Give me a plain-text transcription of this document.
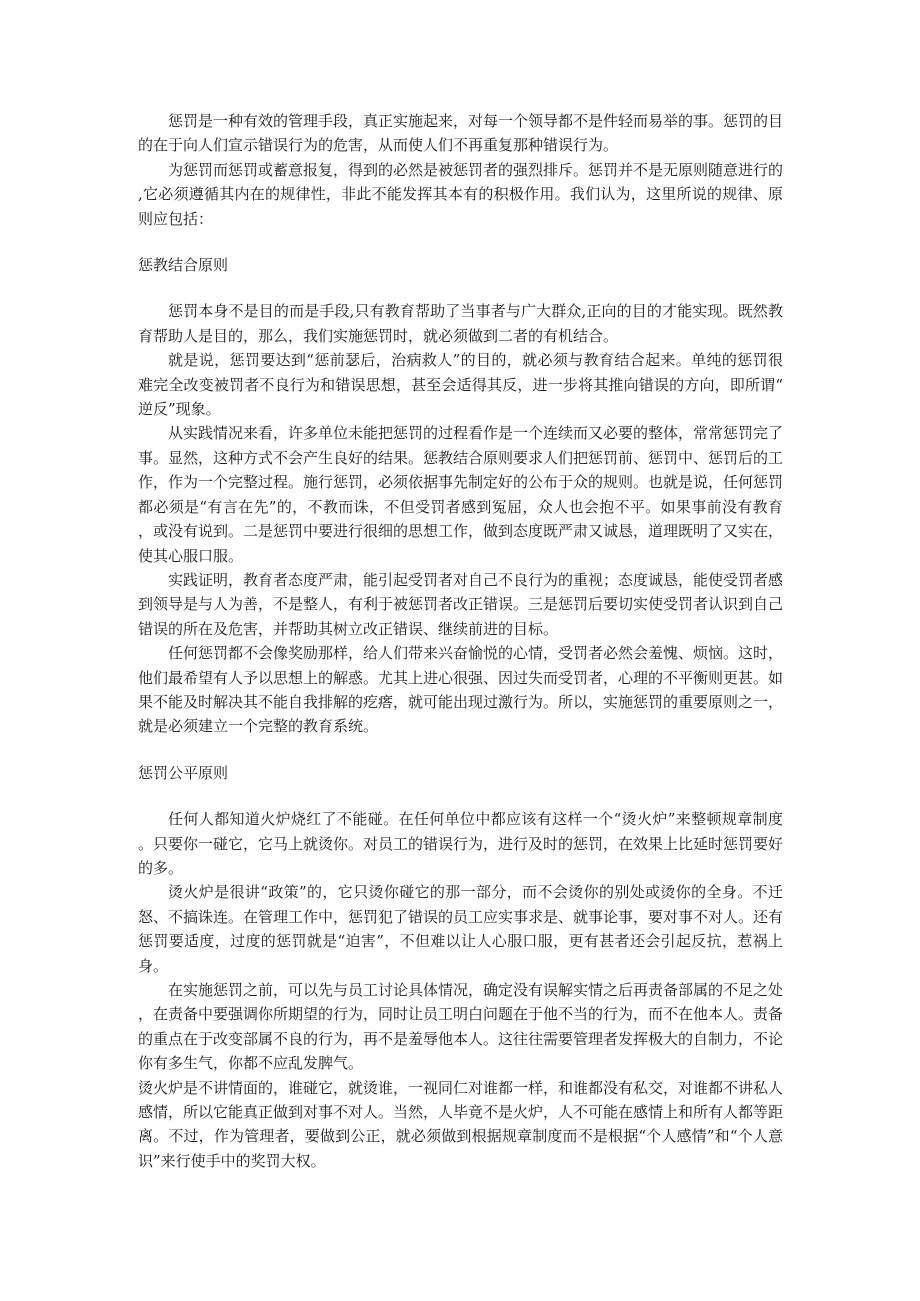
惩罚是一种有效的管理手段，真正实施起来，对每一个领导都不是件轻而易举的事。惩罚的目的在于向人们宣示错误行为的危害，从而使人们不再重复那种错误行为。

为惩罚而惩罚或蓄意报复，得到的必然是被惩罚者的强烈排斥。惩罚并不是无原则随意进行的,它必须遵循其内在的规律性，非此不能发挥其本有的积极作用。我们认为，这里所说的规律、原则应包括：

惩教结合原则

惩罚本身不是目的而是手段,只有教育帮助了当事者与广大群众,正向的目的才能实现。既然教育帮助人是目的，那么，我们实施惩罚时，就必须做到二者的有机结合。

就是说，惩罚要达到“惩前瑟后，治病救人”的目的，就必须与教育结合起来。单纯的惩罚很难完全改变被罚者不良行为和错误思想，甚至会适得其反，进一步将其推向错误的方向，即所谓“逆反”现象。

从实践情况来看，许多单位未能把惩罚的过程看作是一个连续而又必要的整体，常常惩罚完了事。显然，这种方式不会产生良好的结果。惩教结合原则要求人们把惩罚前、惩罚中、惩罚后的工作，作为一个完整过程。施行惩罚，必须依据事先制定好的公布于众的规则。也就是说，任何惩罚都必须是“有言在先”的，不教而诛，不但受罚者感到冤屈，众人也会抱不平。如果事前没有教育，或没有说到。二是惩罚中要进行很细的思想工作，做到态度既严肃又诚恳，道理既明了又实在，使其心服口服。

实践证明，教育者态度严肃，能引起受罚者对自己不良行为的重视；态度诚恳，能使受罚者感到领导是与人为善，不是整人，有利于被惩罚者改正错误。三是惩罚后要切实使受罚者认识到自己错误的所在及危害，并帮助其树立改正错误、继续前进的目标。

任何惩罚都不会像奖励那样，给人们带来兴奋愉悦的心情，受罚者必然会羞愧、烦恼。这时，他们最希望有人予以思想上的解惑。尤其上进心很强、因过失而受罚者，心理的不平衡则更甚。如果不能及时解决其不能自我排解的疙瘩，就可能出现过激行为。所以，实施惩罚的重要原则之一，就是必须建立一个完整的教育系统。

惩罚公平原则

任何人都知道火炉烧红了不能碰。在任何单位中都应该有这样一个“烫火炉”来整顿规章制度。只要你一碰它，它马上就烫你。对员工的错误行为，进行及时的惩罚，在效果上比延时惩罚要好的多。

烫火炉是很讲“政策”的，它只烫你碰它的那一部分，而不会烫你的别处或烫你的全身。不迁怒、不搞诛连。在管理工作中，惩罚犯了错误的员工应实事求是、就事论事，要对事不对人。还有惩罚要适度，过度的惩罚就是“迫害”，不但难以让人心服口服，更有甚者还会引起反抗，惹祸上身。

在实施惩罚之前，可以先与员工讨论具体情况，确定没有误解实情之后再责备部属的不足之处，在责备中要强调你所期望的行为，同时让员工明白问题在于他不当的行为，而不在他本人。责备的重点在于改变部属不良的行为，再不是羞辱他本人。这往往需要管理者发挥极大的自制力，不论你有多生气，你都不应乱发脾气。

烫火炉是不讲情面的，谁碰它，就烫谁，一视同仁对谁都一样，和谁都没有私交，对谁都不讲私人感情，所以它能真正做到对事不对人。当然，人毕竟不是火炉，人不可能在感情上和所有人都等距离。不过，作为管理者，要做到公正，就必须做到根据规章制度而不是根据“个人感情”和“个人意识”来行使手中的奖罚大权。
